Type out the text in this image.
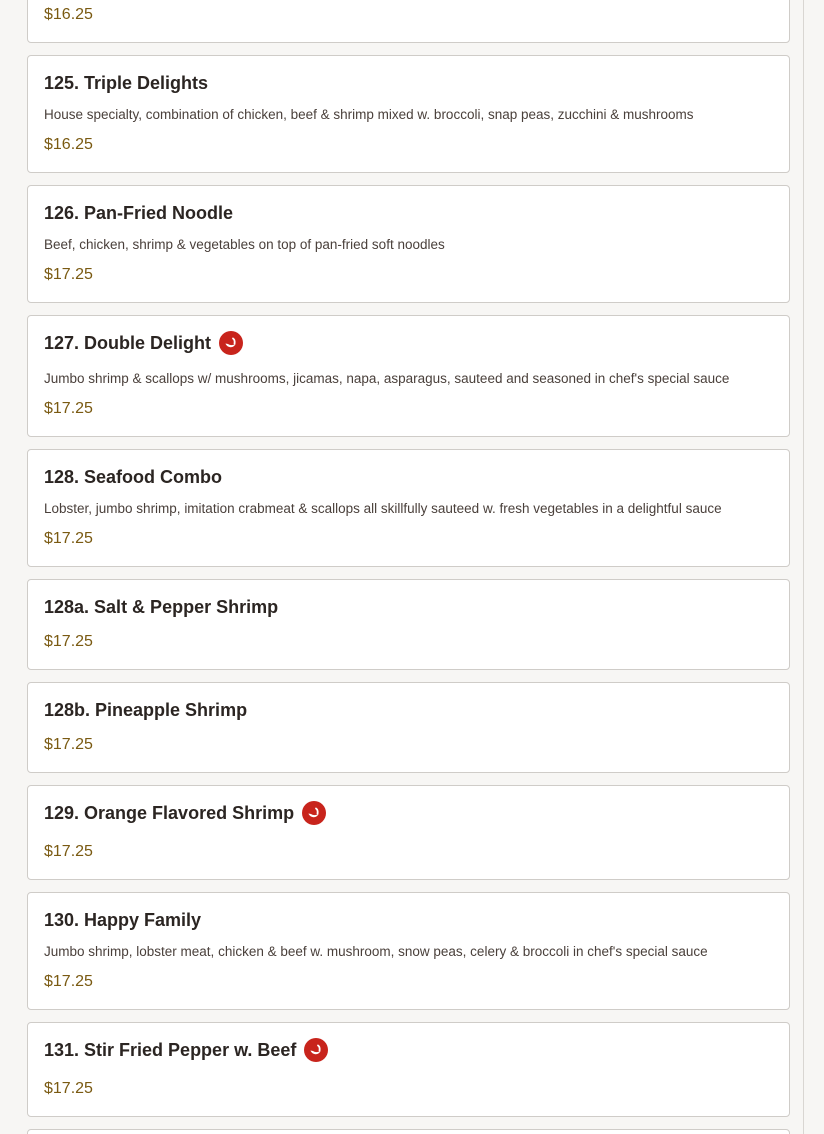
$16.25
125. Triple Delights
House specialty, combination of chicken, beef & shrimp mixed w. broccoli, snap peas, zucchini & mushrooms
$16.25
126. Pan-Fried Noodle
Beef, chicken, shrimp & vegetables on top of pan-fried soft noodles
$17.25
127. Double Delight
Jumbo shrimp & scallops w/ mushrooms, jicamas, napa, asparagus, sauteed and seasoned in chef's special sauce
$17.25
128. Seafood Combo
Lobster, jumbo shrimp, imitation crabmeat & scallops all skillfully sauteed w. fresh vegetables in a delightful sauce
$17.25
128a. Salt & Pepper Shrimp
$17.25
128b. Pineapple Shrimp
$17.25
129. Orange Flavored Shrimp
$17.25
130. Happy Family
Jumbo shrimp, lobster meat, chicken & beef w. mushroom, snow peas, celery & broccoli in chef's special sauce
$17.25
131. Stir Fried Pepper w. Beef
$17.25
